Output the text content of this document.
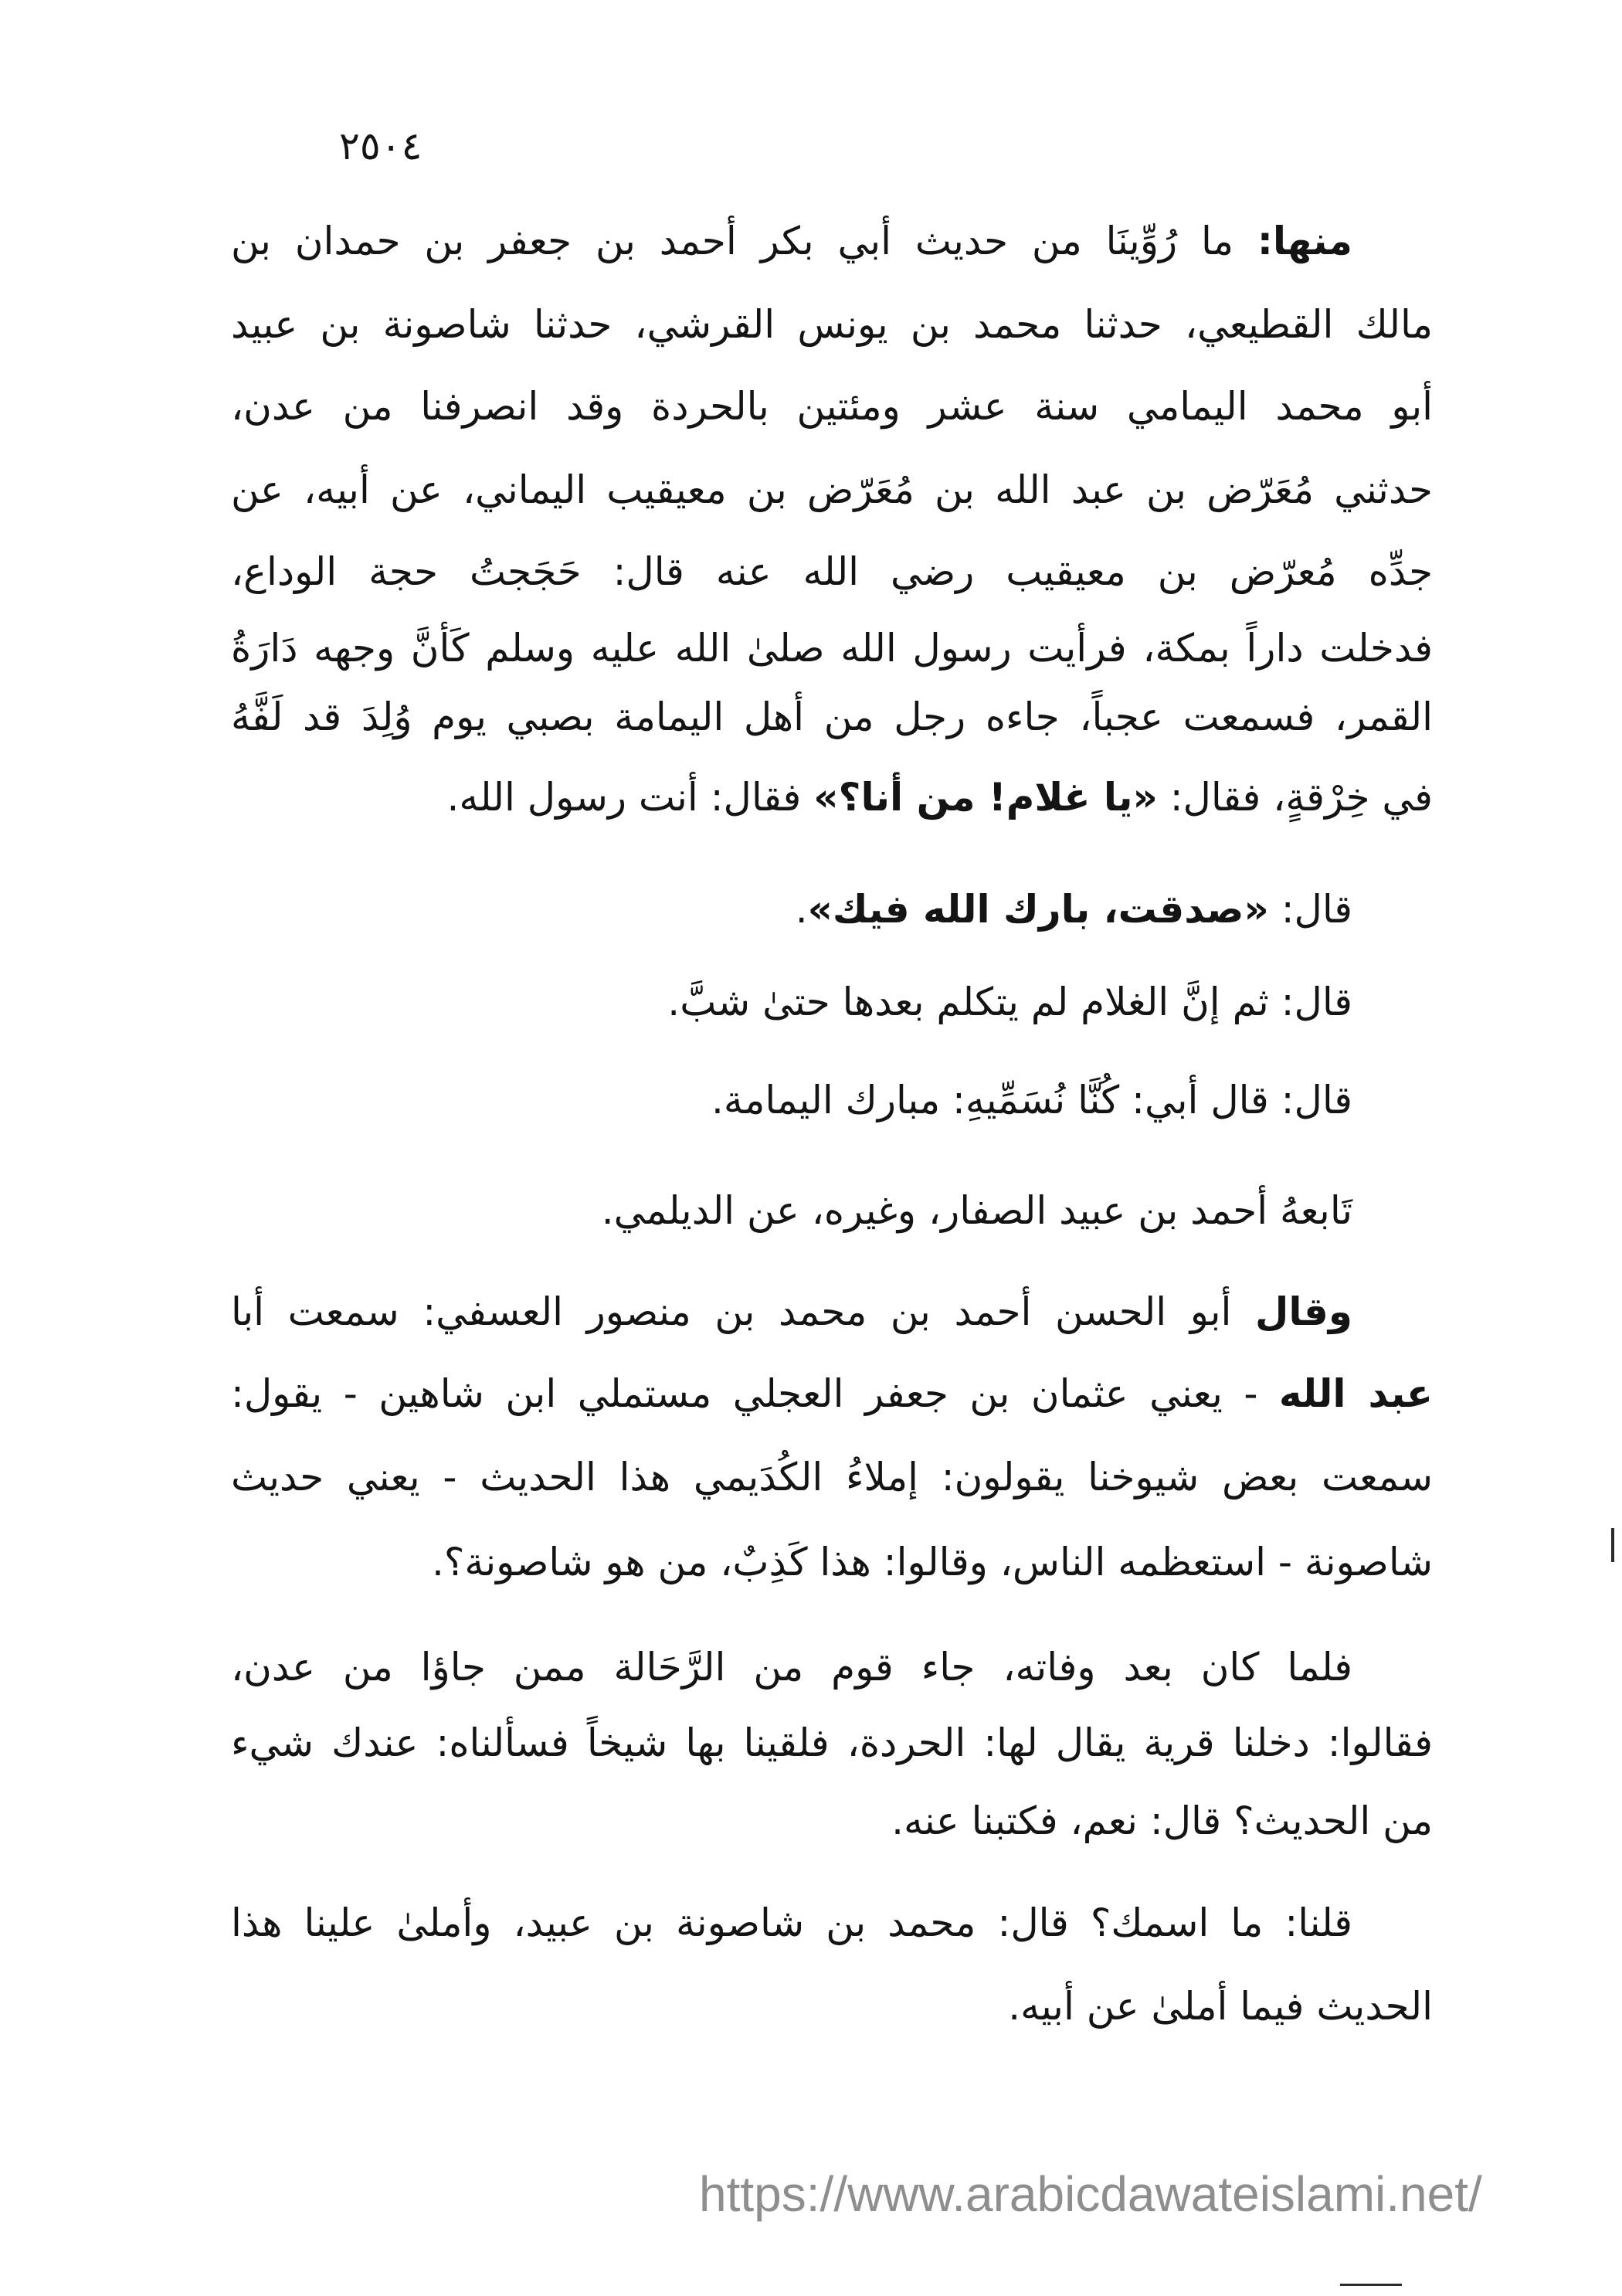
٢٥٠٤
منها: ما رُوِّينَا من حديث أبي بكر أحمد بن جعفر بن حمدان بن
مالك القطيعي، حدثنا محمد بن يونس القرشي، حدثنا شاصونة بن عبيد
أبو محمد اليمامي سنة عشر ومئتين بالحردة وقد انصرفنا من عدن،
حدثني مُعَرّض بن عبد الله بن مُعَرّض بن معيقيب اليماني، عن أبيه، عن
جدِّه مُعرّض بن معيقيب رضي الله عنه قال: حَجَجتُ حجة الوداع،
فدخلت داراً بمكة، فرأيت رسول الله صلىٰ الله عليه وسلم كَأنَّ وجهه دَارَةُ
القمر، فسمعت عجباً، جاءه رجل من أهل اليمامة بصبي يوم وُلِدَ قد لَفَّهُ
في خِرْقةٍ، فقال: «يا غلام! من أنا؟» فقال: أنت رسول الله.
قال: «صدقت، بارك الله فيك».
قال: ثم إنَّ الغلام لم يتكلم بعدها حتىٰ شبَّ.
قال: قال أبي: كُنَّا نُسَمِّيهِ: مبارك اليمامة.
تَابعهُ أحمد بن عبيد الصفار، وغيره، عن الديلمي.
وقال أبو الحسن أحمد بن محمد بن منصور العسفي: سمعت أبا
عبد الله - يعني عثمان بن جعفر العجلي مستملي ابن شاهين - يقول:
سمعت بعض شيوخنا يقولون: إملاءُ الكُدَيمي هذا الحديث - يعني حديث
شاصونة - استعظمه الناس، وقالوا: هذا كَذِبٌ، من هو شاصونة؟.
فلما كان بعد وفاته، جاء قوم من الرَّحَالة ممن جاؤا من عدن،
فقالوا: دخلنا قرية يقال لها: الحردة، فلقينا بها شيخاً فسألناه: عندك شيء
من الحديث؟ قال: نعم، فكتبنا عنه.
قلنا: ما اسمك؟ قال: محمد بن شاصونة بن عبيد، وأملىٰ علينا هذا
الحديث فيما أملىٰ عن أبيه.
https://www.arabicdawateislami.net/
